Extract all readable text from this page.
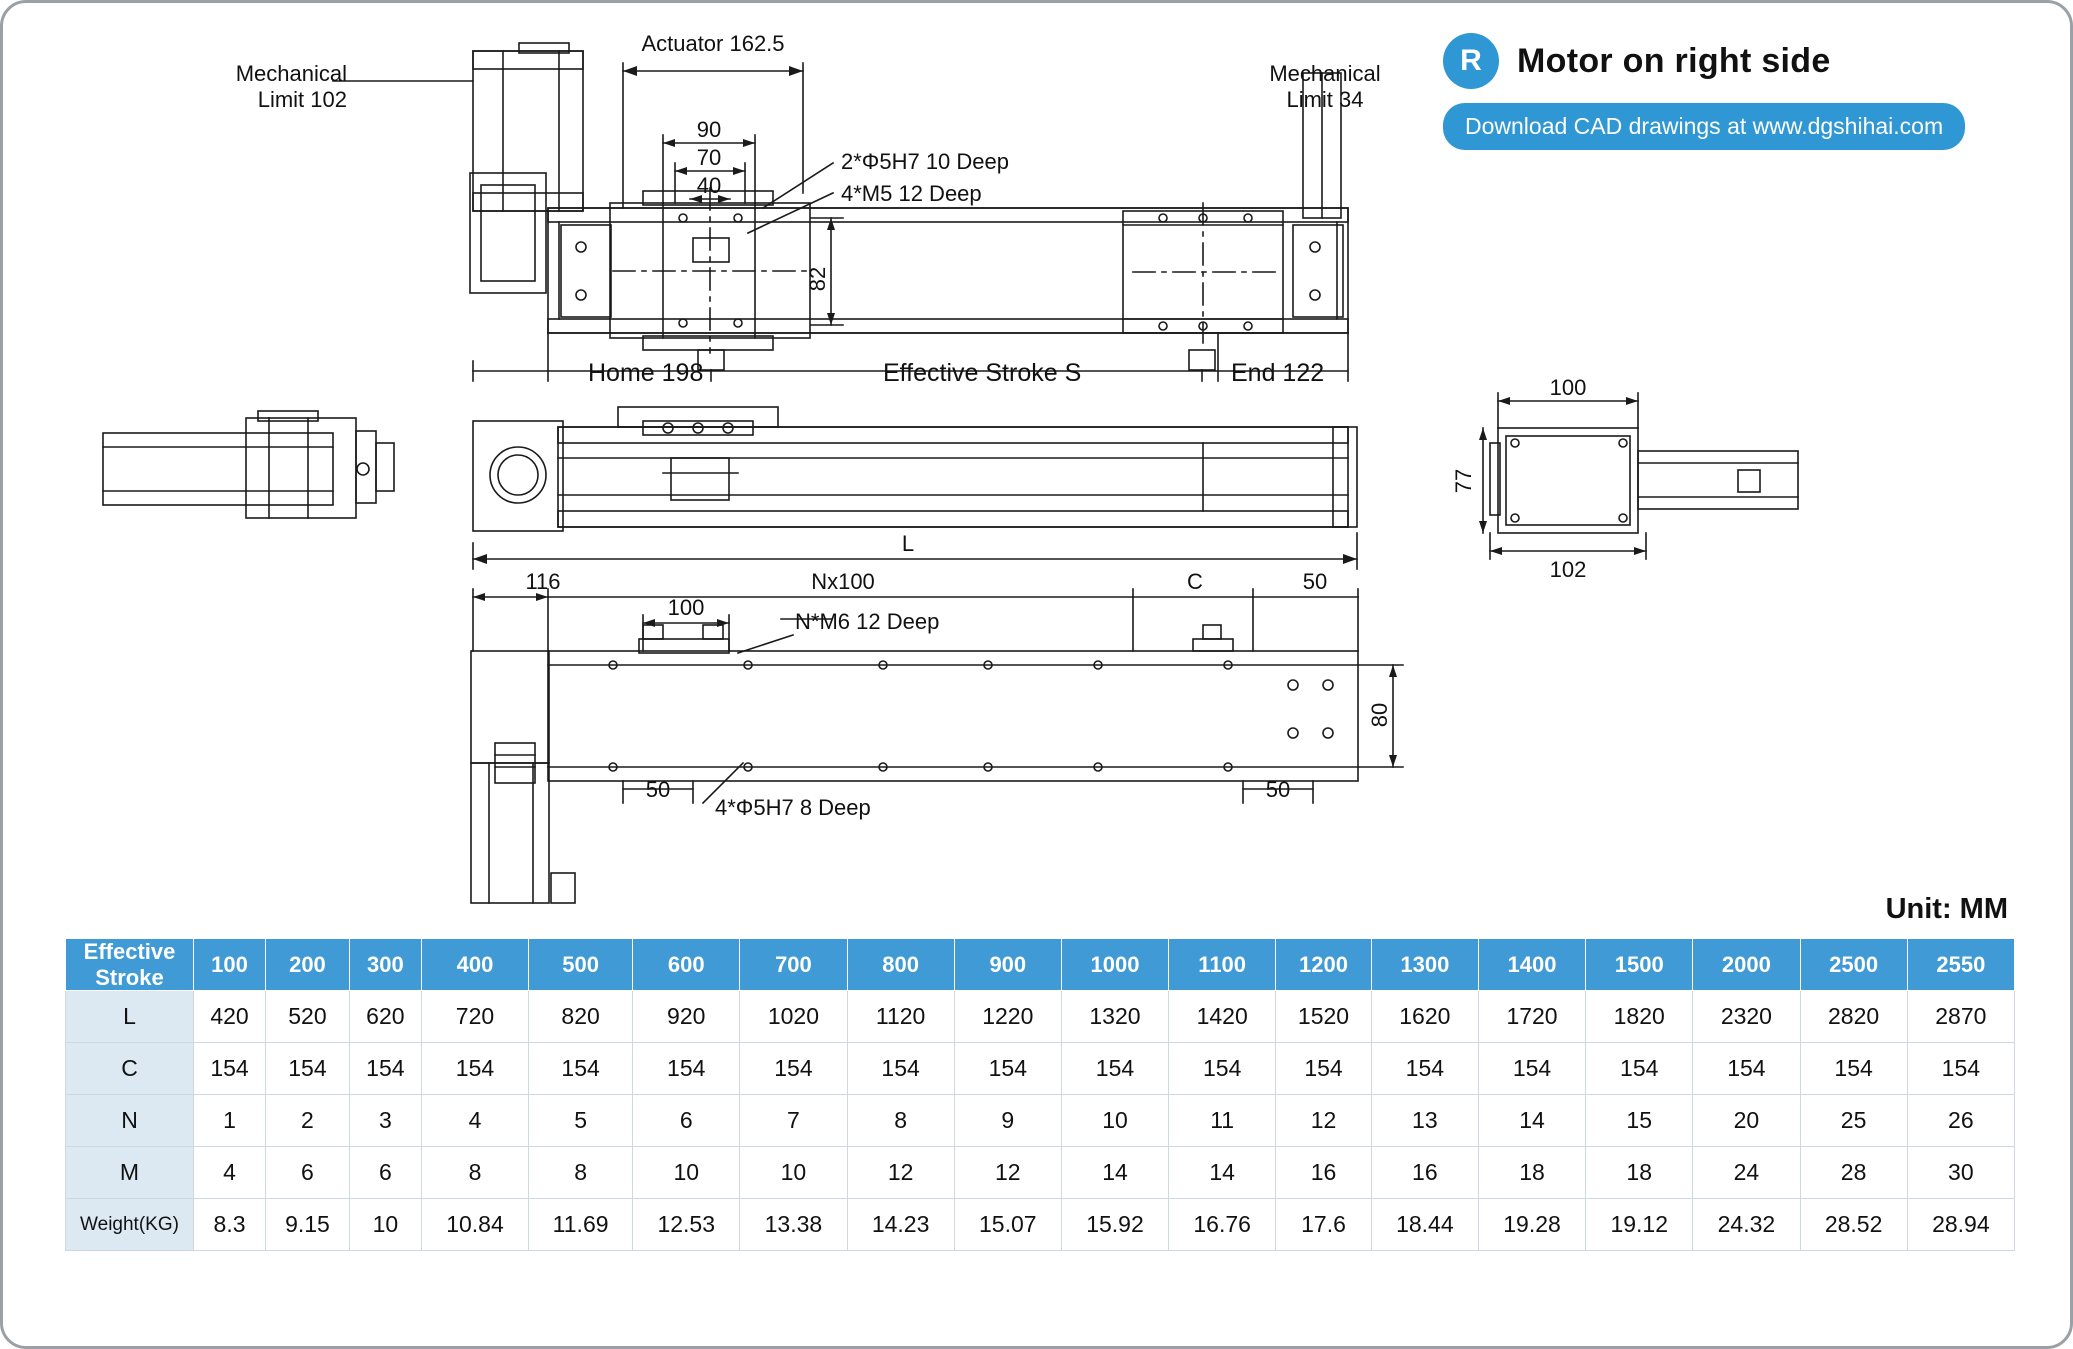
R	Motor on right side
Download CAD drawings at www.dgshihai.com
Unit: MM
Mechanical
Limit 102
Mechanical
Limit 34
Actuator 162.5
90
70
40
82
2*Φ5H7 10 Deep
4*M5 12 Deep
Home 198	Effective Stroke S	End 122
L
100
102
77
116	Nx100	C	50
100
N*M6 12 Deep
80
50	50
4*Φ5H7 8 Deep
Effective
Stroke	100	200	300	400	500	600	700	800	900	1000	1100	1200	1300	1400	1500	2000	2500	2550
L	420	520	620	720	820	920	1020	1120	1220	1320	1420	1520	1620	1720	1820	2320	2820	2870
C	154	154	154	154	154	154	154	154	154	154	154	154	154	154	154	154	154	154
N	1	2	3	4	5	6	7	8	9	10	11	12	13	14	15	20	25	26
M	4	6	6	8	8	10	10	12	12	14	14	16	16	18	18	24	28	30
Weight(KG)	8.3	9.15	10	10.84	11.69	12.53	13.38	14.23	15.07	15.92	16.76	17.6	18.44	19.28	19.12	24.32	28.52	28.94
